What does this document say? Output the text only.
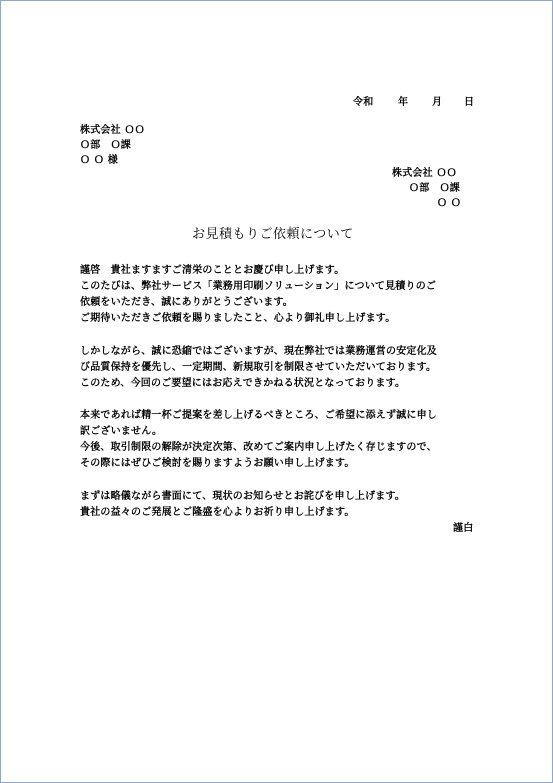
令和 年 月 日
株式会社 ＯＯ
Ｏ部　Ｏ課
Ｏ Ｏ 様
株式会社 ＯＯ
Ｏ部　Ｏ課
Ｏ Ｏ
お見積もりご依頼について
謹啓　貴社ますますご清栄のこととお慶び申し上げます。
このたびは、弊社サービス「業務用印刷ソリューション」について見積りのご
依頼をいただき、誠にありがとうございます。
ご期待いただきご依頼を賜りましたこと、心より御礼申し上げます。
しかしながら、誠に恐縮ではございますが、現在弊社では業務運営の安定化及
び品質保持を優先し、一定期間、新規取引を制限させていただいております。
このため、今回のご要望にはお応えできかねる状況となっております。
本来であれば精一杯ご提案を差し上げるべきところ、ご希望に添えず誠に申し
訳ございません。
今後、取引制限の解除が決定次第、改めてご案内申し上げたく存じますので、
その際にはぜひご検討を賜りますようお願い申し上げます。
まずは略儀ながら書面にて、現状のお知らせとお詫びを申し上げます。
貴社の益々のご発展とご隆盛を心よりお祈り申し上げます。
謹白
